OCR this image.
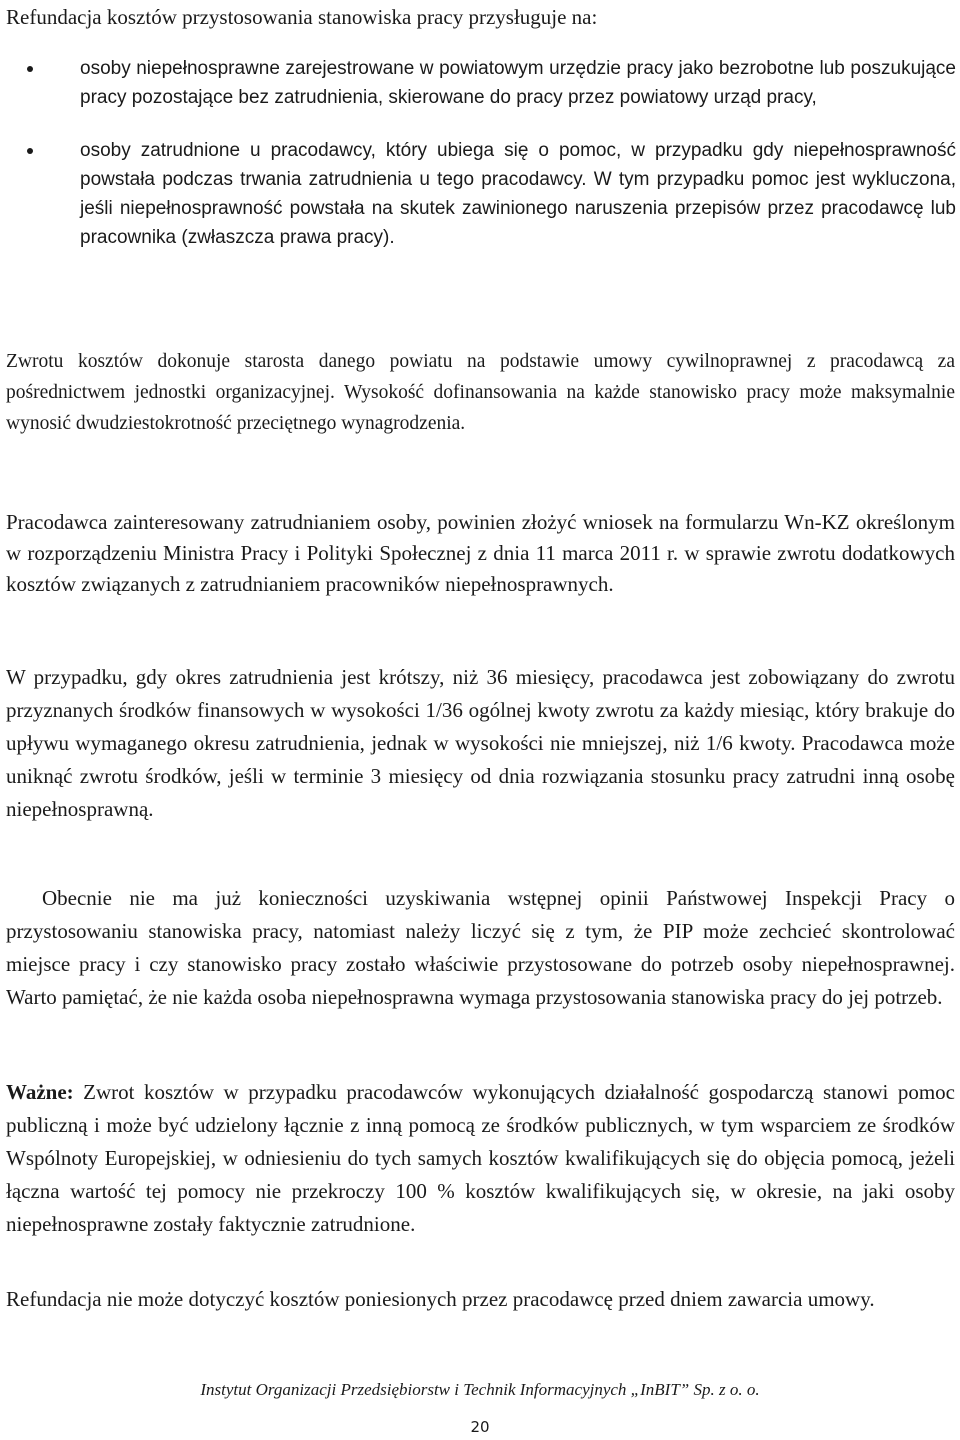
Refundacja kosztów przystosowania stanowiska pracy przysługuje na:

osoby niepełnosprawne zarejestrowane w powiatowym urzędzie pracy jako bezrobotne lub poszukujące pracy pozostające bez zatrudnienia, skierowane do pracy przez powiatowy urząd pracy,
osoby zatrudnione u pracodawcy, który ubiega się o pomoc, w przypadku gdy niepełnosprawność powstała podczas trwania zatrudnienia u tego pracodawcy. W tym przypadku pomoc jest wykluczona, jeśli niepełnosprawność powstała na skutek zawinionego naruszenia przepisów przez pracodawcę lub pracownika (zwłaszcza prawa pracy).

Zwrotu kosztów dokonuje starosta danego powiatu na podstawie umowy cywilnoprawnej z pracodawcą za pośrednictwem jednostki organizacyjnej. Wysokość dofinansowania na każde stanowisko pracy może maksymalnie wynosić dwudziestokrotność przeciętnego wynagrodzenia.

Pracodawca zainteresowany zatrudnianiem osoby, powinien złożyć wniosek na formularzu Wn-KZ określonym w rozporządzeniu Ministra Pracy i Polityki Społecznej z dnia 11 marca 2011 r. w sprawie zwrotu dodatkowych kosztów związanych z zatrudnianiem pracowników niepełnosprawnych.

W przypadku, gdy okres zatrudnienia jest krótszy, niż 36 miesięcy, pracodawca jest zobowiązany do zwrotu przyznanych środków finansowych w wysokości 1/36 ogólnej kwoty zwrotu za każdy miesiąc, który brakuje do upływu wymaganego okresu zatrudnienia, jednak w wysokości nie mniejszej, niż 1/6 kwoty. Pracodawca może uniknąć zwrotu środków, jeśli w terminie 3 miesięcy od dnia rozwiązania stosunku pracy zatrudni inną osobę niepełnosprawną.

Obecnie nie ma już konieczności uzyskiwania wstępnej opinii Państwowej Inspekcji Pracy o przystosowaniu stanowiska pracy, natomiast należy liczyć się z tym, że PIP może zechcieć skontrolować miejsce pracy i czy stanowisko pracy zostało właściwie przystosowane do potrzeb osoby niepełnosprawnej. Warto pamiętać, że nie każda osoba niepełnosprawna wymaga przystosowania stanowiska pracy do jej potrzeb.

Ważne: Zwrot kosztów w przypadku pracodawców wykonujących działalność gospodarczą stanowi pomoc publiczną i może być udzielony łącznie z inną pomocą ze środków publicznych, w tym wsparciem ze środków Wspólnoty Europejskiej, w odniesieniu do tych samych kosztów kwalifikujących się do objęcia pomocą, jeżeli łączna wartość tej pomocy nie przekroczy 100 % kosztów kwalifikujących się, w okresie, na jaki osoby niepełnosprawne zostały faktycznie zatrudnione.

Refundacja nie może dotyczyć kosztów poniesionych przez pracodawcę przed dniem zawarcia umowy.

Instytut Organizacji Przedsiębiorstw i Technik Informacyjnych „InBIT” Sp. z o. o.
20
